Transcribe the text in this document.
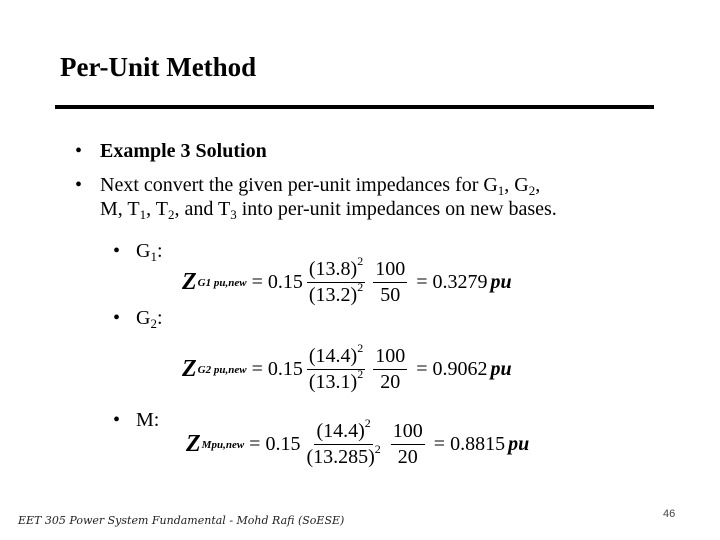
Per-Unit Method
• Example 3 Solution
• Next convert the given per-unit impedances for $G_1$, $G_2$,
M, $T_1$, $T_2$, and $T_3$ into per-unit impedances on new bases.
• $G_1$:
• $G_2$:
• M:
Z G1 $pu,new = 0.15 \frac{(13.8)^2}{(13.2)^2} \frac{100}{50} = 0.3279$ pu
Z G2 $pu,new = 0.15 \frac{(14.4)^2}{(13.1)^2} \frac{100}{20} = 0.9062$ pu
Z $Mpu,new = 0.15 \frac{(14.4)^2}{(13.285)^2} \frac{100}{20} = 0.8815$ pu
EET 305 Power System Fundamental - Mohd Rafi (SoESE)	46
